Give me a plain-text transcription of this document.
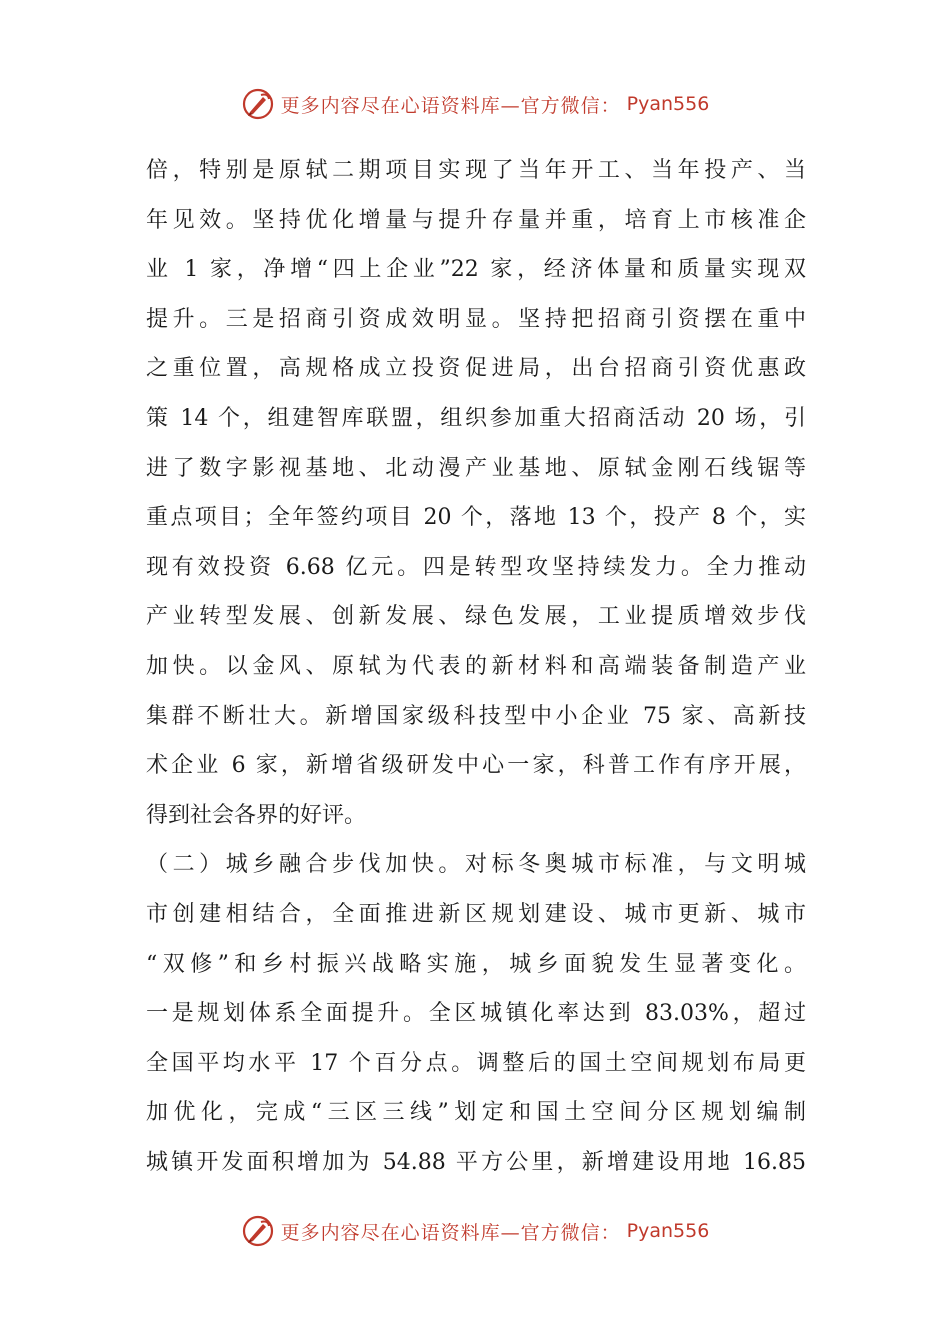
更多内容尽在心语资料库—官方微信： Pyan556
倍，特别是原轼二期项目实现了当年开工、当年投产、当
年见效。坚持优化增量与提升存量并重，培育上市核准企
业 1 家，净增“四上企业”22 家，经济体量和质量实现双
提升。三是招商引资成效明显。坚持把招商引资摆在重中
之重位置，高规格成立投资促进局，出台招商引资优惠政
策 14 个，组建智库联盟，组织参加重大招商活动 20 场，引
进了数字影视基地、北动漫产业基地、原轼金刚石线锯等
重点项目；全年签约项目 20 个，落地 13 个，投产 8 个，实
现有效投资 6.68 亿元。四是转型攻坚持续发力。全力推动
产业转型发展、创新发展、绿色发展，工业提质增效步伐
加快。以金风、原轼为代表的新材料和高端装备制造产业
集群不断壮大。新增国家级科技型中小企业 75 家、高新技
术企业 6 家，新增省级研发中心一家，科普工作有序开展，
得到社会各界的好评。
（二）城乡融合步伐加快。对标冬奥城市标准，与文明城
市创建相结合，全面推进新区规划建设、城市更新、城市
“双修”和乡村振兴战略实施，城乡面貌发生显著变化。
一是规划体系全面提升。全区城镇化率达到 83.03%，超过
全国平均水平 17 个百分点。调整后的国土空间规划布局更
加优化，完成“三区三线”划定和国土空间分区规划编制
城镇开发面积增加为 54.88 平方公里，新增建设用地 16.85
更多内容尽在心语资料库—官方微信： Pyan556
